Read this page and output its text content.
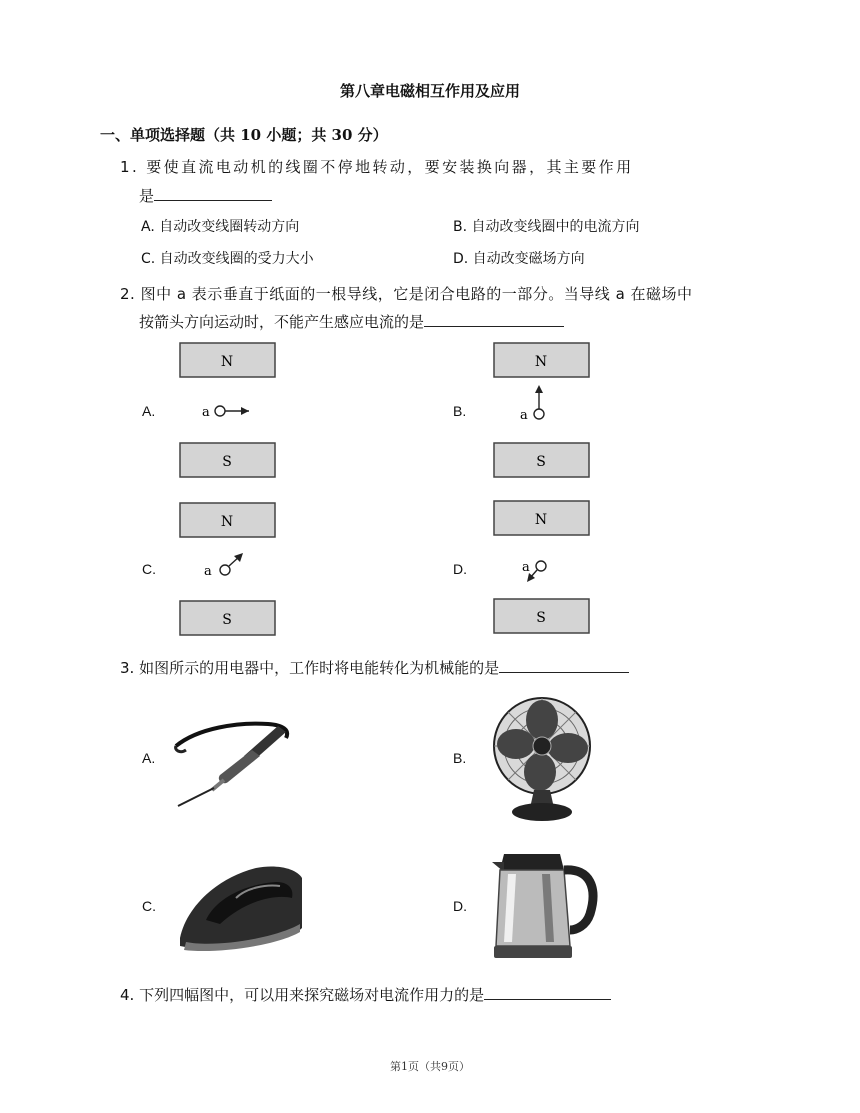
第八章电磁相互作用及应用
一、单项选择题（共 10 小题；共 30 分）
1. 要使直流电动机的线圈不停地转动，要安装换向器，其主要作用
是
A. 自动改变线圈转动方向	B. 自动改变线圈中的电流方向
C. 自动改变线圈的受力大小	D. 自动改变磁场方向
2. 图中 a 表示垂直于纸面的一根导线，它是闭合电路的一部分。当导线 a 在磁场中
按箭头方向运动时，不能产生感应电流的是
A.	B.
C.	D.
N
a
S
N
a
S
N
a
S
N
a
S
3. 如图所示的用电器中，工作时将电能转化为机械能的是
A.	B.
C.	D.
4. 下列四幅图中，可以用来探究磁场对电流作用力的是
第1页（共9页）
